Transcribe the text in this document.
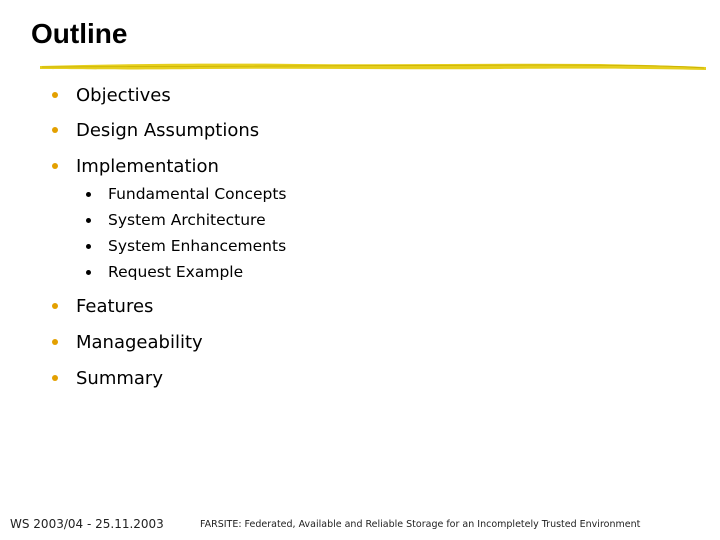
Outline
Objectives
Design Assumptions
Implementation
Fundamental Concepts
System Architecture
System Enhancements
Request Example
Features
Manageability
Summary
WS 2003/04 - 25.11.2003	FARSITE: Federated, Available and Reliable Storage for an Incompletely Trusted Environment
